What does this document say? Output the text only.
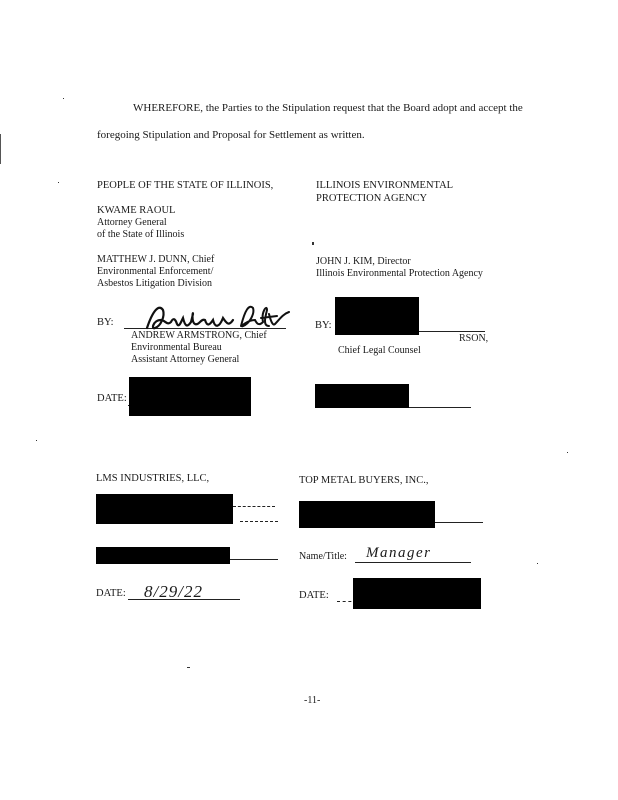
WHEREFORE, the Parties to the Stipulation request that the Board adopt and accept the
foregoing Stipulation and Proposal for Settlement as written.
PEOPLE OF THE STATE OF ILLINOIS,
KWAME RAOUL
Attorney General
of the State of Illinois
MATTHEW J. DUNN, Chief
Environmental Enforcement/
Asbestos Litigation Division
BY:
ANDREW ARMSTRONG, Chief
Environmental Bureau
Assistant Attorney General
DATE:
ILLINOIS ENVIRONMENTAL
PROTECTION AGENCY
JOHN J. KIM, Director
Illinois Environmental Protection Agency
BY:
RSON,
Chief Legal Counsel
LMS INDUSTRIES, LLC,
DATE: 8/29/22
TOP METAL BUYERS, INC.,
Name/Title: Manager
DATE:
-11-
